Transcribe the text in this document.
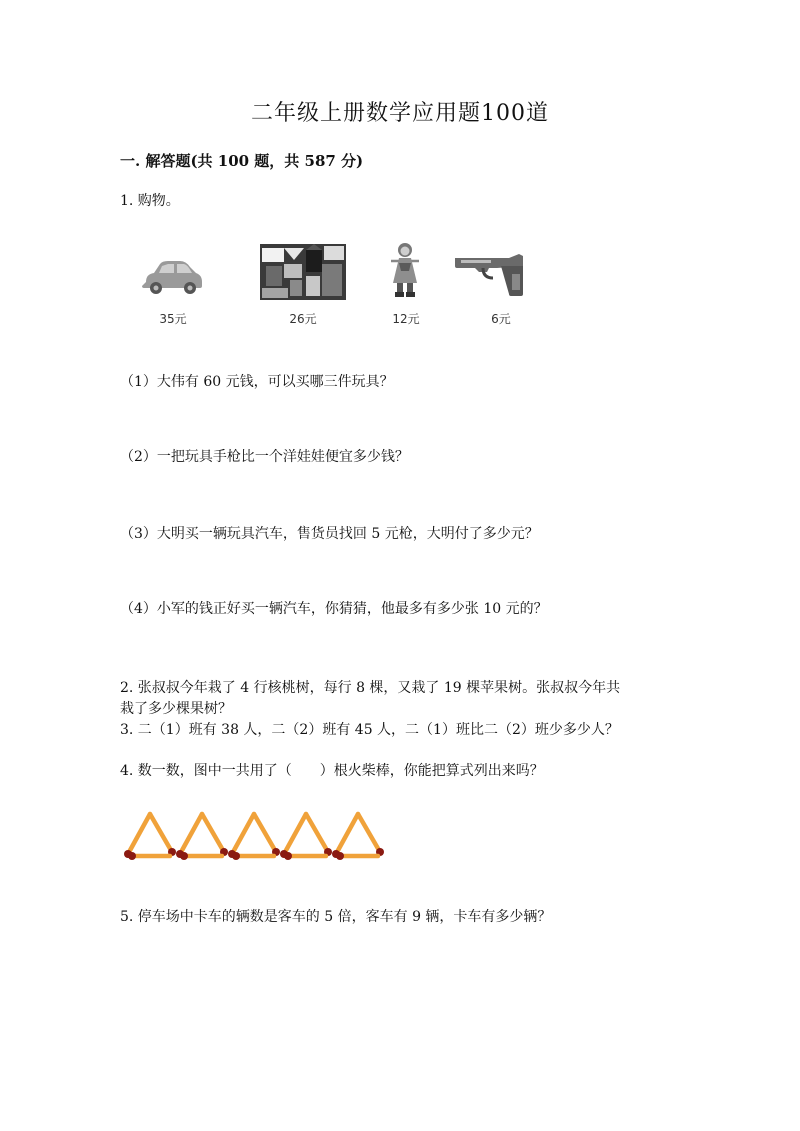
二年级上册数学应用题100道
一. 解答题(共 100 题，共 587 分)
1. 购物。
35元	26元	12元	6元
（1）大伟有 60 元钱，可以买哪三件玩具？
（2）一把玩具手枪比一个洋娃娃便宜多少钱？
（3）大明买一辆玩具汽车，售货员找回 5 元枪，大明付了多少元？
（4）小军的钱正好买一辆汽车，你猜猜，他最多有多少张 10 元的？
2. 张叔叔今年栽了 4 行核桃树，每行 8 棵，又栽了 19 棵苹果树。张叔叔今年共
栽了多少棵果树？
3. 二（1）班有 38 人，二（2）班有 45 人，二（1）班比二（2）班少多少人？
4. 数一数，图中一共用了（　　）根火柴棒，你能把算式列出来吗？
5. 停车场中卡车的辆数是客车的 5 倍，客车有 9 辆，卡车有多少辆？
